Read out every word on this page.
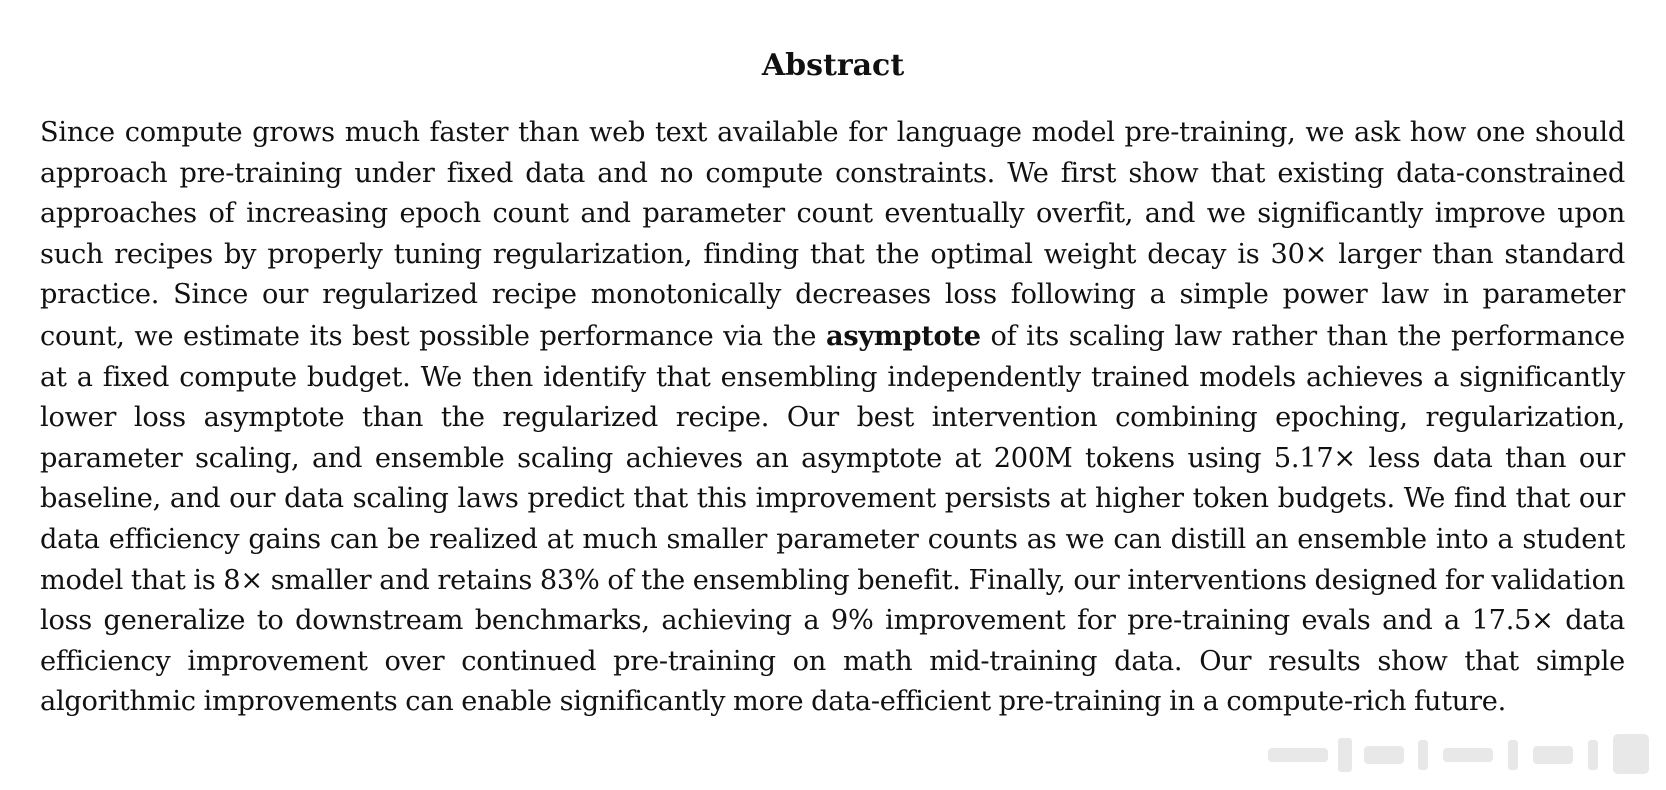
Abstract

Since compute grows much faster than web text available for language model pre-training, we ask how one should approach pre-training under fixed data and no compute constraints. We first show that existing data-constrained approaches of increasing epoch count and parameter count eventually overfit, and we significantly improve upon such recipes by properly tuning regularization, finding that the optimal weight decay is 30× larger than standard practice. Since our regularized recipe monotonically decreases loss following a simple power law in parameter count, we estimate its best possible performance via the asymptote of its scaling law rather than the performance at a fixed compute budget. We then identify that ensembling independently trained models achieves a significantly lower loss asymptote than the regularized recipe. Our best intervention combining epoching, regularization, parameter scaling, and ensemble scaling achieves an asymptote at 200M tokens using 5.17× less data than our baseline, and our data scaling laws predict that this improvement persists at higher token budgets. We find that our data efficiency gains can be realized at much smaller parameter counts as we can distill an ensemble into a student model that is 8× smaller and retains 83% of the ensembling benefit. Finally, our interventions designed for validation loss generalize to downstream benchmarks, achieving a 9% improvement for pre-training evals and a 17.5× data efficiency improvement over continued pre-training on math mid-training data. Our results show that simple algorithmic improvements can enable significantly more data-efficient pre-training in a compute-rich future.
